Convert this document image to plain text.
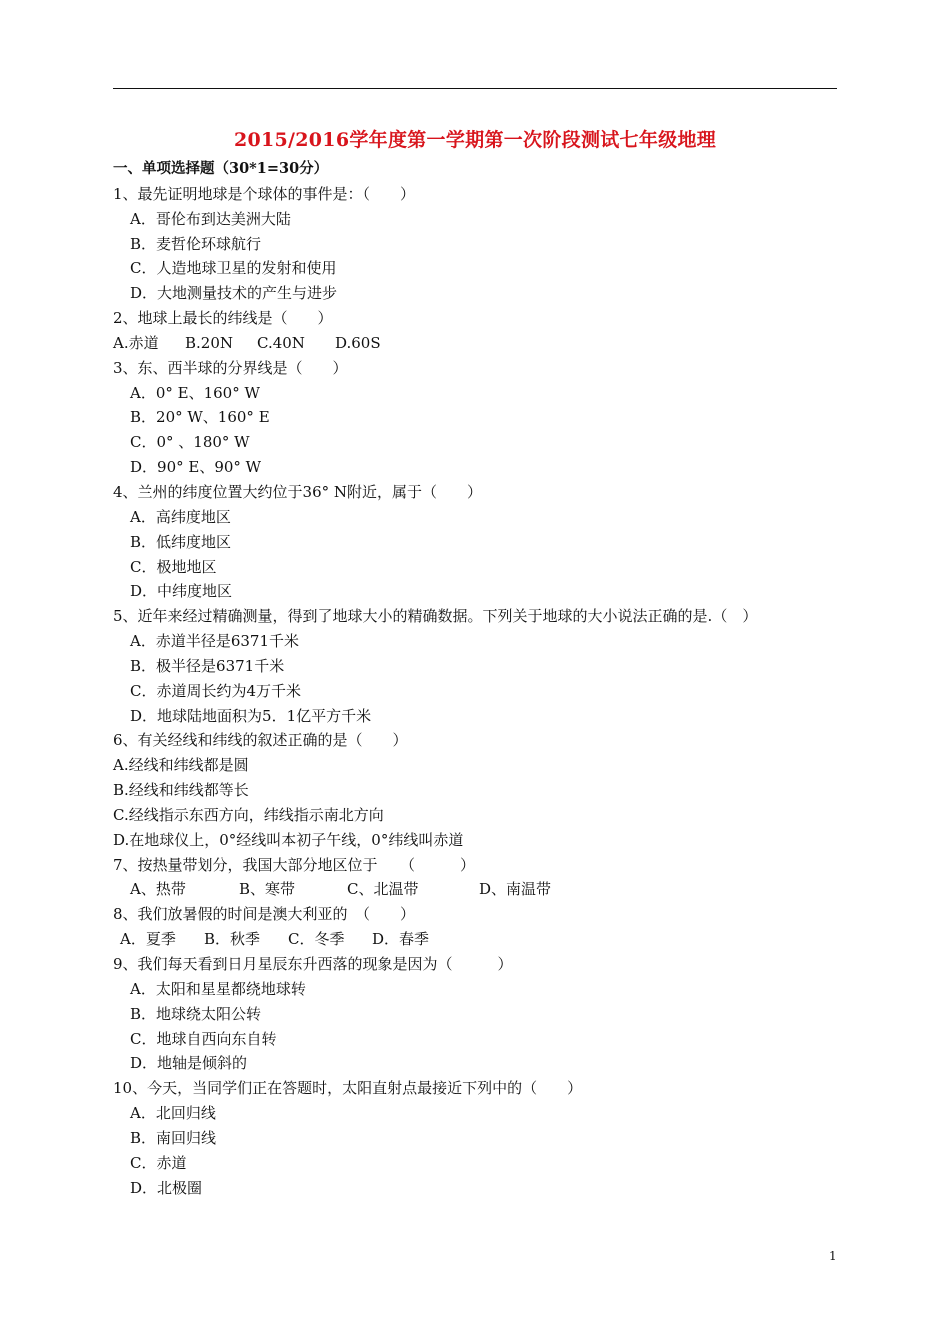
2015/2016学年度第一学期第一次阶段测试七年级地理
一、单项选择题（30*1=30分）
1、最先证明地球是个球体的事件是：（　　）
A．哥伦布到达美洲大陆
B．麦哲伦环球航行
C．人造地球卫星的发射和使用
D．大地测量技术的产生与进步
2、地球上最长的纬线是（　　）
A.赤道	B.20N	C.40N	D.60S
3、东、西半球的分界线是（　　）
A．0° E、160° W
B．20° W、160° E
C．0° 、180° W
D．90° E、90° W
4、兰州的纬度位置大约位于36° N附近，属于（　　）
A．高纬度地区
B．低纬度地区
C．极地地区
D．中纬度地区
5、近年来经过精确测量，得到了地球大小的精确数据。下列关于地球的大小说法正确的是.（　）
A．赤道半径是6371千米
B．极半径是6371千米
C．赤道周长约为4万千米
D．地球陆地面积为5．1亿平方千米
6、有关经线和纬线的叙述正确的是（　　）
A.经线和纬线都是圆
B.经线和纬线都等长
C.经线指示东西方向，纬线指示南北方向
D.在地球仪上，0°经线叫本初子午线，0°纬线叫赤道
7、按热量带划分，我国大部分地区位于　　（　　　）
A、热带	B、寒带	C、北温带	D、南温带
8、我们放暑假的时间是澳大利亚的　（　　）
A．夏季	B．秋季	C．冬季	D．春季
9、我们每天看到日月星辰东升西落的现象是因为（　　　）
A．太阳和星星都绕地球转
B．地球绕太阳公转
C．地球自西向东自转
D．地轴是倾斜的
10、今天，当同学们正在答题时，太阳直射点最接近下列中的（　　）
A．北回归线
B．南回归线
C．赤道
D．北极圈
1
